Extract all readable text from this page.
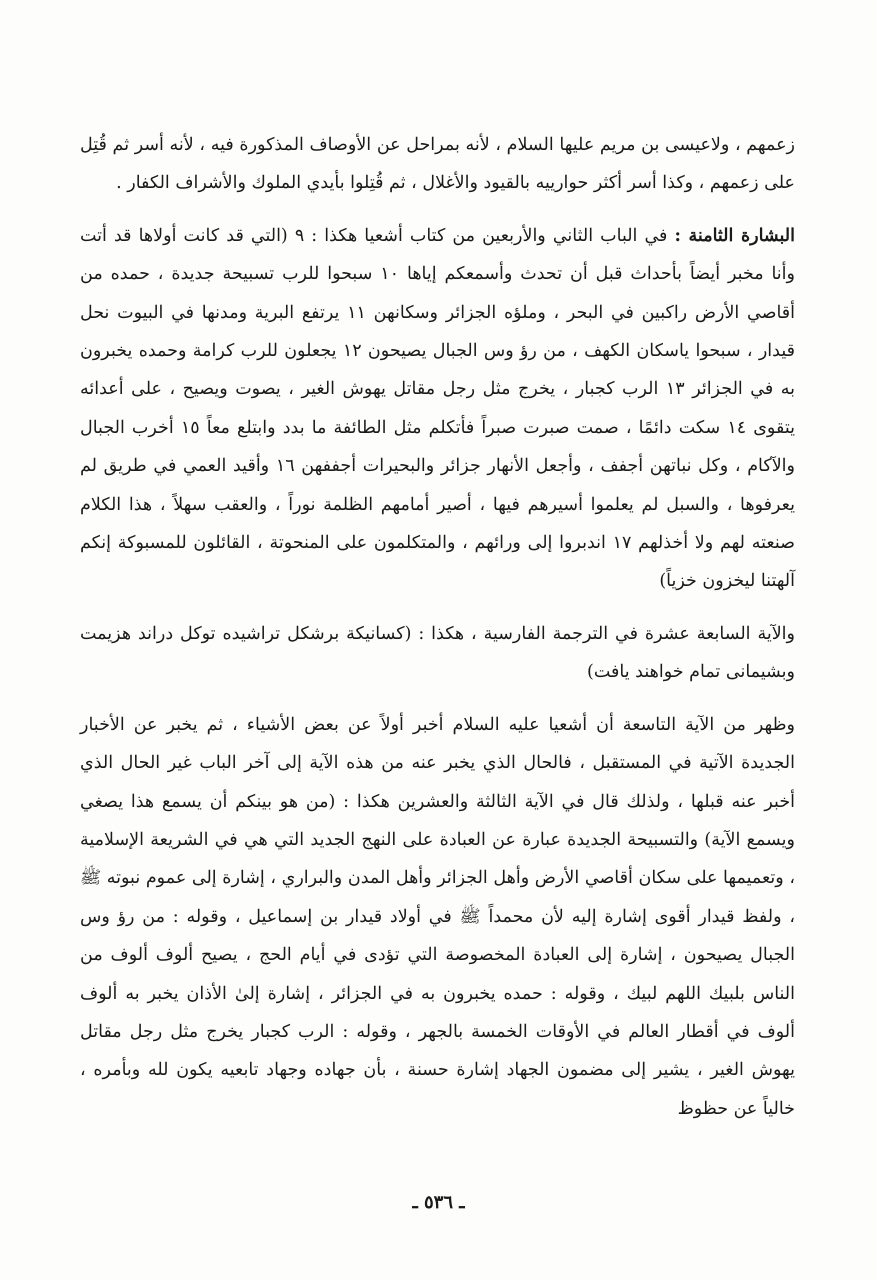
زعمهم ، ولاعيسى بن مريم عليها السلام ، لأنه بمراحل عن الأوصاف المذكورة فيه ، لأنه أسر ثم قُتِل على زعمهم ، وكذا أسر أكثر حوارييه بالقيود والأغلال ، ثم قُتِلوا بأيدي الملوك والأشراف الكفار .

البشارة الثامنة : في الباب الثاني والأربعين من كتاب أشعيا هكذا : ٩ (التي قد كانت أولاها قد أتت وأنا مخبر أيضاً بأحداث قبل أن تحدث وأسمعكم إياها ١٠ سبحوا للرب تسبيحة جديدة ، حمده من أقاصي الأرض راكبين في البحر ، وملؤه الجزائر وسكانهن ١١ يرتفع البرية ومدنها في البيوت نحل قيدار ، سبحوا ياسكان الكهف ، من رؤ وس الجبال يصيحون ١٢ يجعلون للرب كرامة وحمده يخبرون به في الجزائر ١٣ الرب كجبار ، يخرج مثل رجل مقاتل يهوش الغير ، يصوت ويصيح ، على أعدائه يتقوى ١٤ سكت دائمًا ، صمت صبرت صبراً فأتكلم مثل الطائفة ما بدد وابتلع معاً ١٥ أخرب الجبال والآكام ، وكل نباتهن أجفف ، وأجعل الأنهار جزائر والبحيرات أجففهن ١٦ وأقيد العمي في طريق لم يعرفوها ، والسبل لم يعلموا أسيرهم فيها ، أصير أمامهم الظلمة نوراً ، والعقب سهلاً ، هذا الكلام صنعته لهم ولا أخذلهم ١٧ اندبروا إلى ورائهم ، والمتكلمون على المنحوتة ، القائلون للمسبوكة إنكم آلهتنا ليخزون خزياً)

والآية السابعة عشرة في الترجمة الفارسية ، هكذا : (كسانيكة برشكل تراشيده توكل دراند هزيمت وبشيمانى تمام خواهند يافت)

وظهر من الآية التاسعة أن أشعيا عليه السلام أخبر أولاً عن بعض الأشياء ، ثم يخبر عن الأخبار الجديدة الآتية في المستقبل ، فالحال الذي يخبر عنه من هذه الآية إلى آخر الباب غير الحال الذي أخبر عنه قبلها ، ولذلك قال في الآية الثالثة والعشرين هكذا : (من هو بينكم أن يسمع هذا يصغي ويسمع الآية) والتسبيحة الجديدة عبارة عن العبادة على النهج الجديد التي هي في الشريعة الإسلامية ، وتعميمها على سكان أقاصي الأرض وأهل الجزائر وأهل المدن والبراري ، إشارة إلى عموم نبوته ﷺ ، ولفظ قيدار أقوى إشارة إليه لأن محمداً ﷺ في أولاد قيدار بن إسماعيل ، وقوله : من رؤ وس الجبال يصيحون ، إشارة إلى العبادة المخصوصة التي تؤدى في أيام الحج ، يصيح ألوف ألوف من الناس بلبيك اللهم لبيك ، وقوله : حمده يخبرون به في الجزائر ، إشارة إلىٰ الأذان يخبر به ألوف ألوف في أقطار العالم في الأوقات الخمسة بالجهر ، وقوله : الرب كجبار يخرج مثل رجل مقاتل يهوش الغير ، يشير إلى مضمون الجهاد إشارة حسنة ، بأن جهاده وجهاد تابعيه يكون لله وبأمره ، خالياً عن حظوظ

ـ ٥٣٦ ـ
